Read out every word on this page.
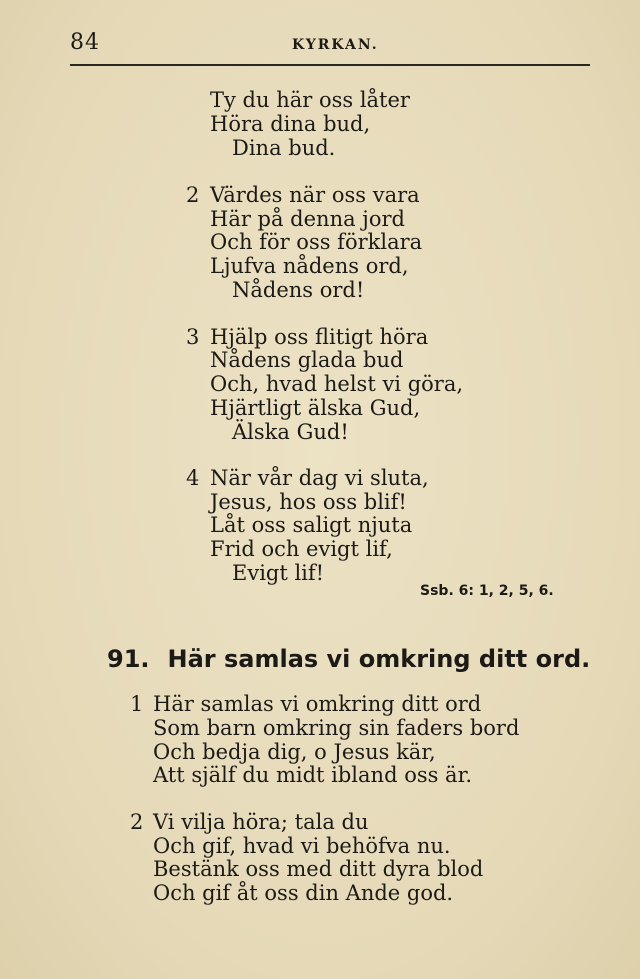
84	KYRKAN.
Ty du här oss låter
Höra dina bud,
Dina bud.
2 Värdes när oss vara
Här på denna jord
Och för oss förklara
Ljufva nådens ord,
Nådens ord!
3 Hjälp oss flitigt höra
Nådens glada bud
Och, hvad helst vi göra,
Hjärtligt älska Gud,
Älska Gud!
4 När vår dag vi sluta,
Jesus, hos oss blif!
Låt oss saligt njuta
Frid och evigt lif,
Evigt lif!
Ssb. 6: 1, 2, 5, 6.
91. Här samlas vi omkring ditt ord.
1 Här samlas vi omkring ditt ord
Som barn omkring sin faders bord
Och bedja dig, o Jesus kär,
Att själf du midt ibland oss är.
2 Vi vilja höra; tala du
Och gif, hvad vi behöfva nu.
Bestänk oss med ditt dyra blod
Och gif åt oss din Ande god.
